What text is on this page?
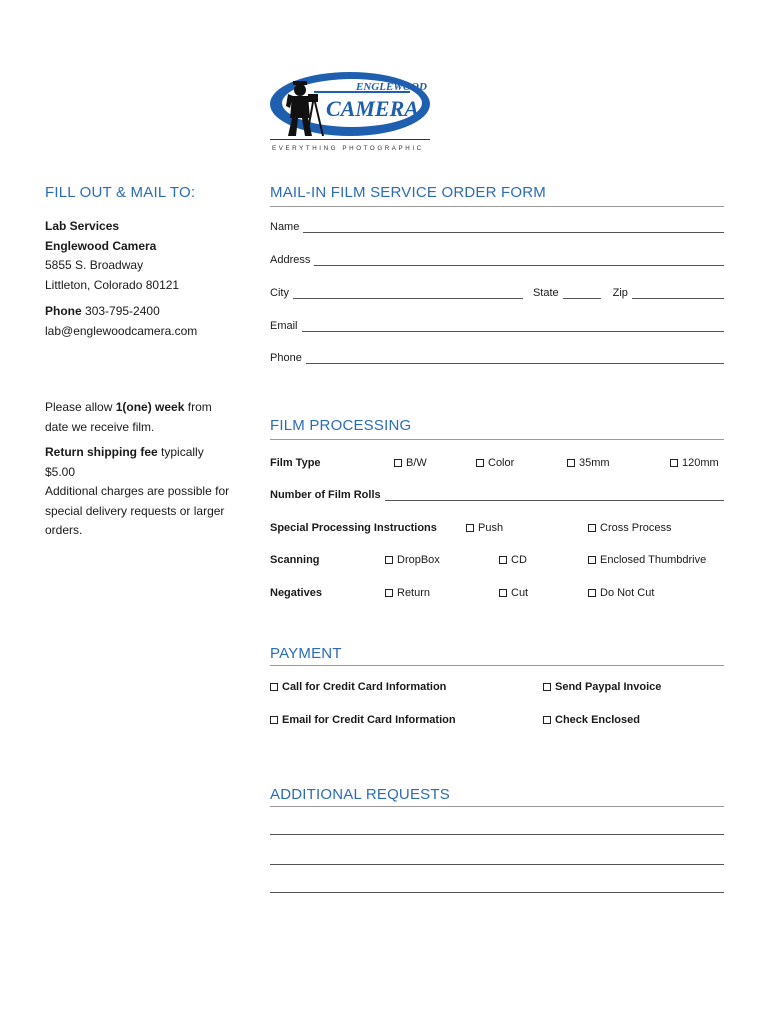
ENGLEWOOD
CAMERA
EVERYTHING PHOTOGRAPHIC
FILL OUT & MAIL TO:
Lab Services
Englewood Camera
5855 S. Broadway
Littleton, Colorado 80121
Phone 303-795-2400
lab@englewoodcamera.com
Please allow 1(one) week from date we receive film.
Return shipping fee typically $5.00
Additional charges are possible for special delivery requests or larger orders.
MAIL-IN FILM SERVICE ORDER FORM
Name
Address
City	State	Zip
Email
Phone
FILM PROCESSING
Film Type	B/W	Color	35mm	120mm
Number of Film Rolls
Special Processing Instructions	Push	Cross Process
Scanning	DropBox	CD	Enclosed Thumbdrive
Negatives	Return	Cut	Do Not Cut
PAYMENT
Call for Credit Card Information	Send Paypal Invoice
Email for Credit Card Information	Check Enclosed
ADDITIONAL REQUESTS
